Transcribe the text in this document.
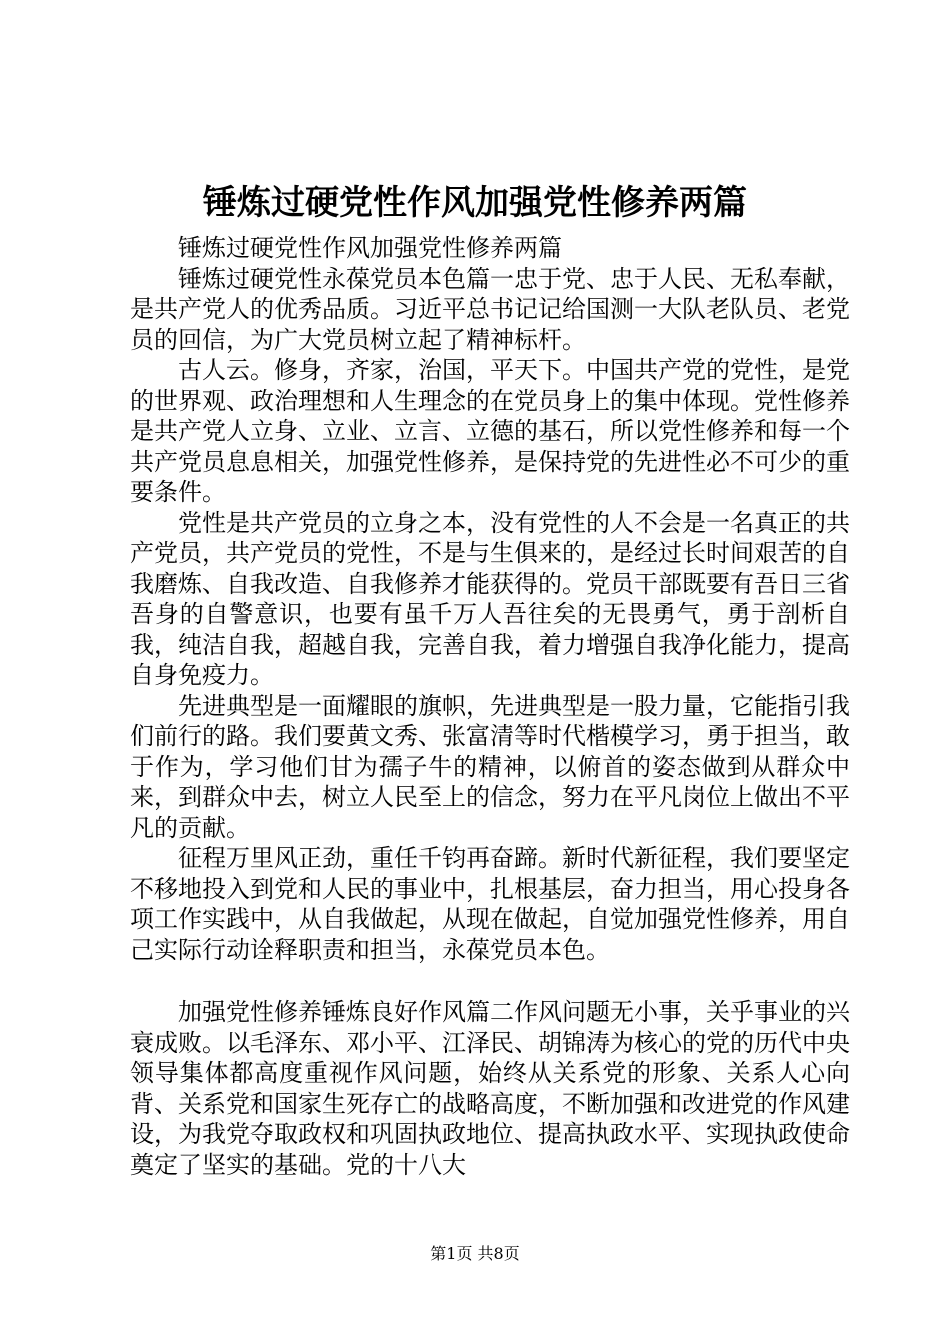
锤炼过硬党性作风加强党性修养两篇

锤炼过硬党性作风加强党性修养两篇

锤炼过硬党性永葆党员本色篇一忠于党、忠于人民、无私奉献，是共产党人的优秀品质。习近平总书记记给国测一大队老队员、老党员的回信，为广大党员树立起了精神标杆。

古人云。修身，齐家，治国，平天下。中国共产党的党性，是党的世界观、政治理想和人生理念的在党员身上的集中体现。党性修养是共产党人立身、立业、立言、立德的基石，所以党性修养和每一个共产党员息息相关，加强党性修养，是保持党的先进性必不可少的重要条件。

党性是共产党员的立身之本，没有党性的人不会是一名真正的共产党员，共产党员的党性，不是与生俱来的，是经过长时间艰苦的自我磨炼、自我改造、自我修养才能获得的。党员干部既要有吾日三省吾身的自警意识，也要有虽千万人吾往矣的无畏勇气，勇于剖析自我，纯洁自我，超越自我，完善自我，着力增强自我净化能力，提高自身免疫力。

先进典型是一面耀眼的旗帜，先进典型是一股力量，它能指引我们前行的路。我们要黄文秀、张富清等时代楷模学习，勇于担当，敢于作为，学习他们甘为孺子牛的精神，以俯首的姿态做到从群众中来，到群众中去，树立人民至上的信念，努力在平凡岗位上做出不平凡的贡献。

征程万里风正劲，重任千钧再奋蹄。新时代新征程，我们要坚定不移地投入到党和人民的事业中，扎根基层，奋力担当，用心投身各项工作实践中，从自我做起，从现在做起，自觉加强党性修养，用自己实际行动诠释职责和担当，永葆党员本色。

加强党性修养锤炼良好作风篇二作风问题无小事，关乎事业的兴衰成败。以毛泽东、邓小平、江泽民、胡锦涛为核心的党的历代中央领导集体都高度重视作风问题，始终从关系党的形象、关系人心向背、关系党和国家生死存亡的战略高度，不断加强和改进党的作风建设，为我党夺取政权和巩固执政地位、提高执政水平、实现执政使命奠定了坚实的基础。党的十八大

第1页 共8页
